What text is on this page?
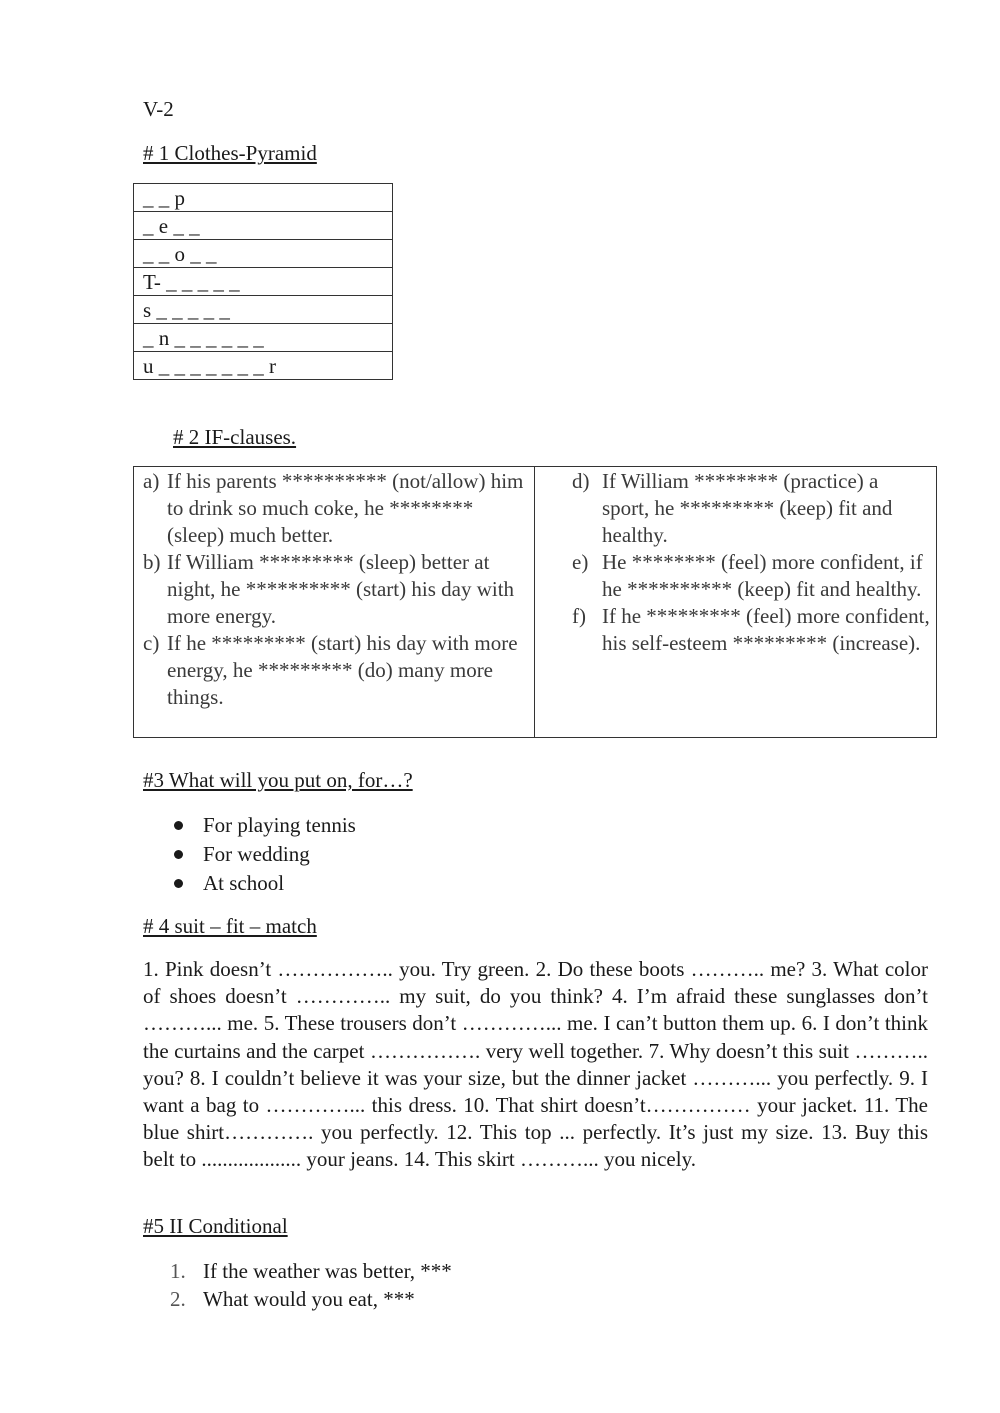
V-2
# 1 Clothes-Pyramid
_ _ p
_ e _ _
_ _ o _ _
T- _ _ _ _ _
s _ _ _ _ _
_ n _ _ _ _ _ _
u _ _ _ _ _ _ _ r
# 2 IF-clauses.
a) If his parents ********** (not/allow) him to drink so much coke, he ******** (sleep) much better.
b) If William ********* (sleep) better at night, he ********** (start) his day with more energy.
c) If he ********* (start) his day with more energy, he ********* (do) many more things.
d) If William ******** (practice) a sport, he ********* (keep) fit and healthy.
e) He ******** (feel) more confident, if he ********** (keep) fit and healthy.
f) If he ********* (feel) more confident, his self-esteem ********* (increase).
#3 What will you put on, for…?
For playing tennis
For wedding
At school
# 4 suit – fit – match
1. Pink doesn’t …………….. you. Try green. 2. Do these boots ……….. me? 3. What color of shoes doesn’t ………….. my suit, do you think? 4. I’m afraid these sunglasses don’t ………... me. 5. These trousers don’t …………... me. I can’t button them up. 6. I don’t think the curtains and the carpet ……………. very well together. 7. Why doesn’t this suit ……….. you? 8. I couldn’t believe it was your size, but the dinner jacket ………... you perfectly. 9. I want a bag to …………... this dress. 10. That shirt doesn’t…………… your jacket. 11. The blue shirt…………. you perfectly. 12. This top ... perfectly. It’s just my size. 13. Buy this belt to ................... your jeans. 14. This skirt ………... you nicely.
#5 II Conditional
1. If the weather was better, ***
2. What would you eat, ***
